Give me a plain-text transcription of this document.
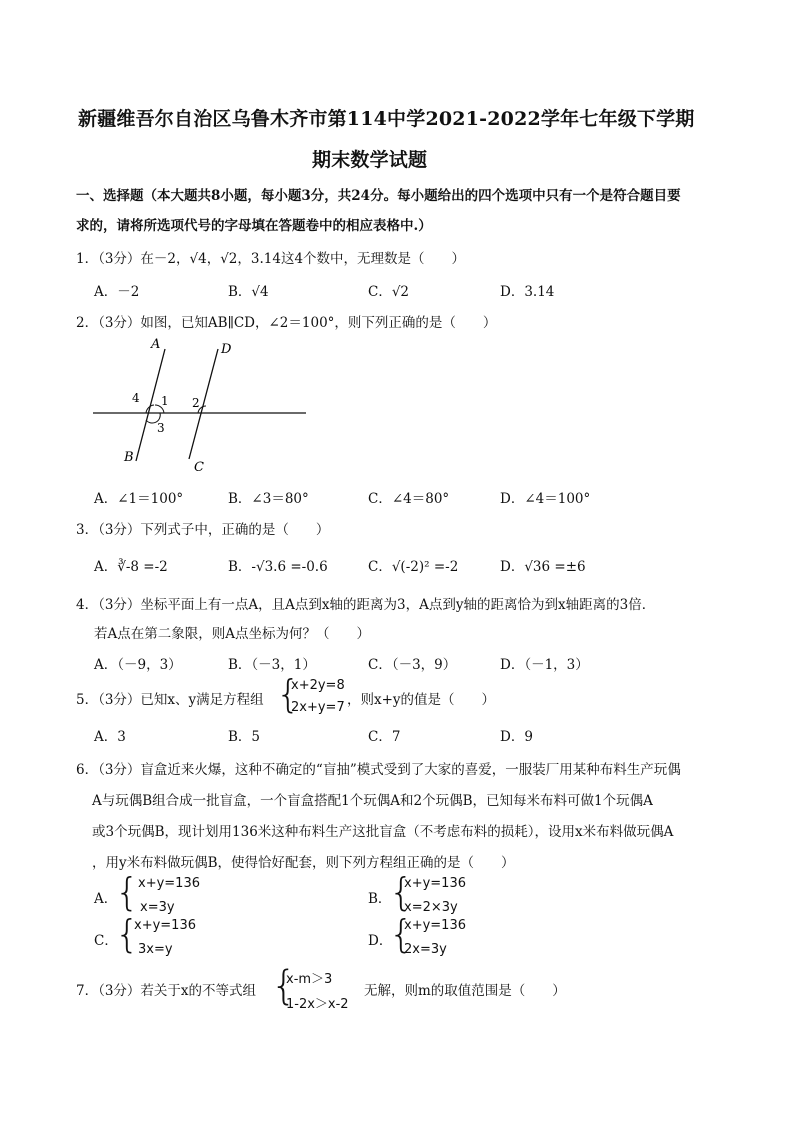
新疆维吾尔自治区乌鲁木齐市第114中学2021-2022学年七年级下学期
期末数学试题
一、选择题（本大题共8小题，每小题3分，共24分。每小题给出的四个选项中只有一个是符合题目要
求的，请将所选项代号的字母填在答题卷中的相应表格中.）
1．（3分）在－2，√4，√2，3.14这4个数中，无理数是（　　）
A．－2	B．√4	C．√2	D．3.14
2．（3分）如图，已知AB∥CD，∠2＝100°，则下列正确的是（　　）
A	D
4 1 2
3
B
C
A．∠1＝100°	B．∠3＝80°	C．∠4＝80°	D．∠4＝100°
3．（3分）下列式子中，正确的是（　　）
A．∛-8 =-2	B．-√3.6 =-0.6	C．√(-2)² =-2	D．√36 =±6
4．（3分）坐标平面上有一点A，且A点到x轴的距离为3，A点到y轴的距离恰为到x轴距离的3倍．
若A点在第二象限，则A点坐标为何？（　　）
A．（－9，3）	B．（－3，1）	C．（－3，9）	D．（－1，3）
5．（3分）已知x、y满足方程组 {
x+2y=8
2x+y=7 ，则x+y的值是（　　）
A．3	B．5	C．7	D．9
6．（3分）盲盒近来火爆，这种不确定的“盲抽”模式受到了大家的喜爱，一服装厂用某种布料生产玩偶
A与玩偶B组合成一批盲盒，一个盲盒搭配1个玩偶A和2个玩偶B，已知每米布料可做1个玩偶A
或3个玩偶B，现计划用136米这种布料生产这批盲盒（不考虑布料的损耗），设用x米布料做玩偶A
，用y米布料做玩偶B，使得恰好配套，则下列方程组正确的是（　　）
A．
{
x+y=136
x=3y
B．
{
x+y=136
x=2×3y
C．
{
x+y=136
3x=y
D．
{
x+y=136
2x=3y
7．（3分）若关于x的不等式组 {
x-m＞3
1-2x＞x-2
无解，则m的取值范围是（　　）
